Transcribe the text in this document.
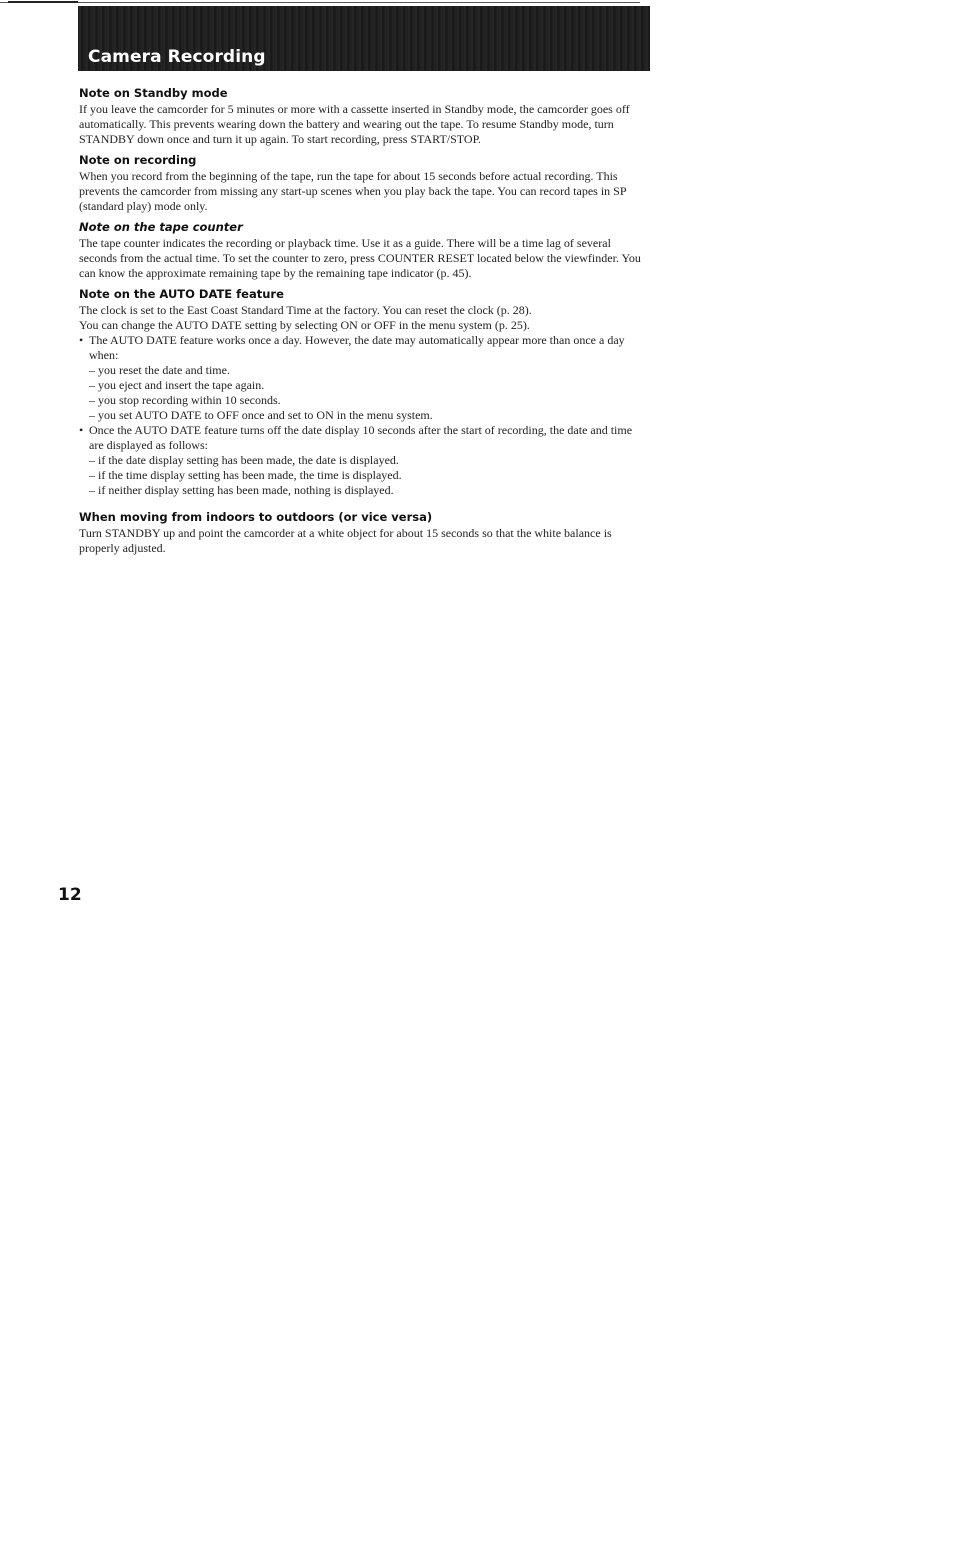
Camera Recording
Note on Standby mode

If you leave the camcorder for 5 minutes or more with a cassette inserted in Standby mode, the camcorder goes off automatically. This prevents wearing down the battery and wearing out the tape. To resume Standby mode, turn STANDBY down once and turn it up again. To start recording, press START/STOP.

Note on recording

When you record from the beginning of the tape, run the tape for about 15 seconds before actual recording. This prevents the camcorder from missing any start-up scenes when you play back the tape. You can record tapes in SP (standard play) mode only.

Note on the tape counter

The tape counter indicates the recording or playback time. Use it as a guide. There will be a time lag of several seconds from the actual time. To set the counter to zero, press COUNTER RESET located below the viewfinder. You can know the approximate remaining tape by the remaining tape indicator (p. 45).

Note on the AUTO DATE feature

The clock is set to the East Coast Standard Time at the factory. You can reset the clock (p. 28).

You can change the AUTO DATE setting by selecting ON or OFF in the menu system (p. 25).

• The AUTO DATE feature works once a day. However, the date may automatically appear more than once a day when:

– you reset the date and time.

– you eject and insert the tape again.

– you stop recording within 10 seconds.

– you set AUTO DATE to OFF once and set to ON in the menu system.

• Once the AUTO DATE feature turns off the date display 10 seconds after the start of recording, the date and time are displayed as follows:

– if the date display setting has been made, the date is displayed.

– if the time display setting has been made, the time is displayed.

– if neither display setting has been made, nothing is displayed.

When moving from indoors to outdoors (or vice versa)

Turn STANDBY up and point the camcorder at a white object for about 15 seconds so that the white balance is properly adjusted.

12
